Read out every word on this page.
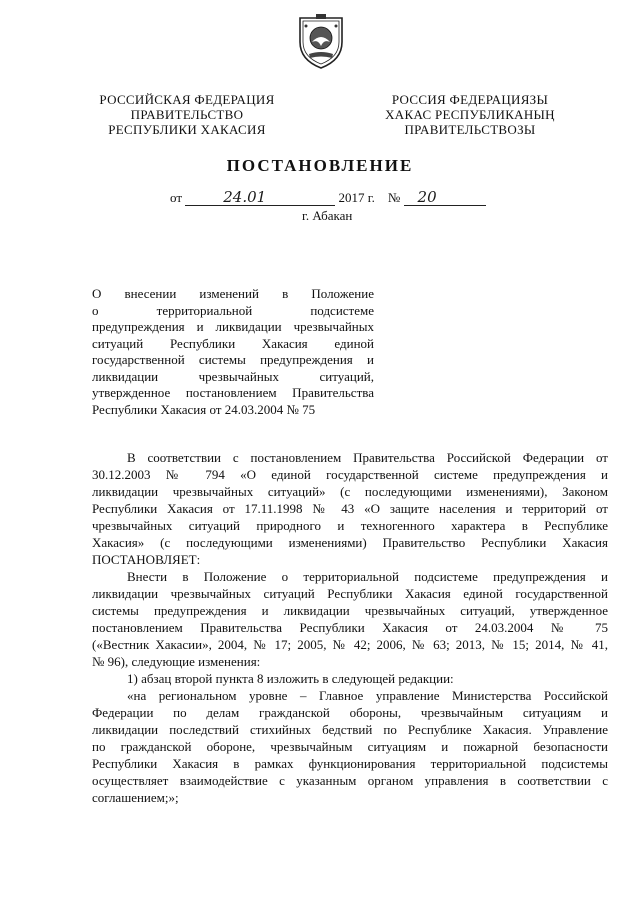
РОССИЙСКАЯ ФЕДЕРАЦИЯ
ПРАВИТЕЛЬСТВО
РЕСПУБЛИКИ ХАКАСИЯ
РОССИЯ ФЕДЕРАЦИЯЗЫ
ХАКАС РЕСПУБЛИКАНЫҢ
ПРАВИТЕЛЬСТВОЗЫ
ПОСТАНОВЛЕНИЕ
от	24.01	2017 г. № 20
г. Абакан
О внесении изменений в Положение
о территориальной подсистеме
предупреждения и ликвидации чрезвычайных
ситуаций Республики Хакасия единой
государственной системы предупреждения и
ликвидации чрезвычайных ситуаций,
утвержденное постановлением Правительства
Республики Хакасия от 24.03.2004 № 75
В соответствии с постановлением Правительства Российской Федерации от
30.12.2003 № 794 «О единой государственной системе предупреждения и
ликвидации чрезвычайных ситуаций» (с последующими изменениями), Законом
Республики Хакасия от 17.11.1998 № 43 «О защите населения и территорий от
чрезвычайных ситуаций природного и техногенного характера в Республике
Хакасия» (с последующими изменениями) Правительство Республики Хакасия
ПОСТАНОВЛЯЕТ:
Внести в Положение о территориальной подсистеме предупреждения и
ликвидации чрезвычайных ситуаций Республики Хакасия единой государственной
системы предупреждения и ликвидации чрезвычайных ситуаций, утвержденное
постановлением Правительства Республики Хакасия от 24.03.2004 № 75
(«Вестник Хакасии», 2004, № 17; 2005, № 42; 2006, № 63; 2013, № 15; 2014, № 41,
№ 96), следующие изменения:
1) абзац второй пункта 8 изложить в следующей редакции:
«на региональном уровне – Главное управление Министерства Российской
Федерации по делам гражданской обороны, чрезвычайным ситуациям и
ликвидации последствий стихийных бедствий по Республике Хакасия. Управление
по гражданской обороне, чрезвычайным ситуациям и пожарной безопасности
Республики Хакасия в рамках функционирования территориальной подсистемы
осуществляет взаимодействие с указанным органом управления в соответствии с
соглашением;»;
